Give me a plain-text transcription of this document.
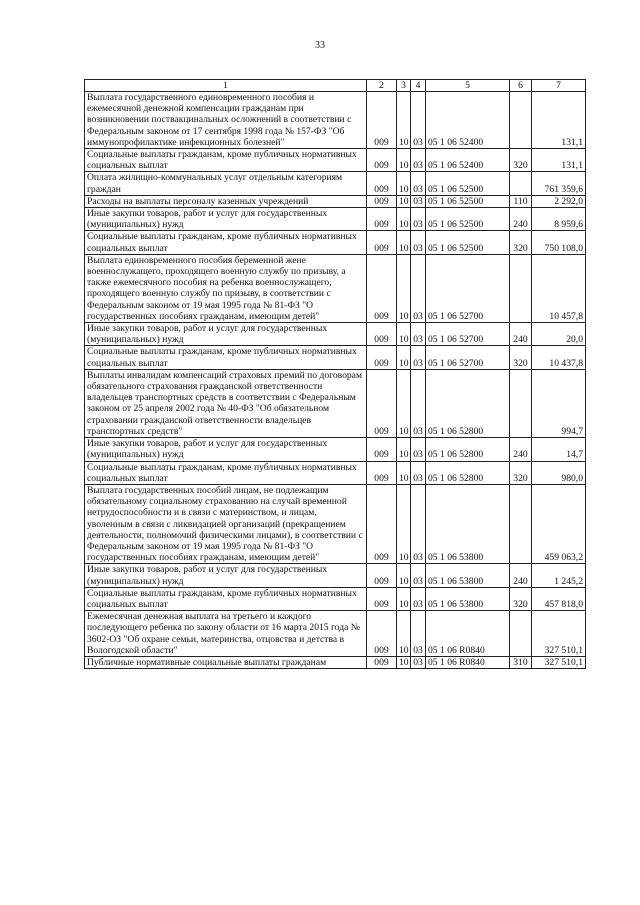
33
1	2	3	4	5	6	7
Выплата государственного единовременного пособия и ежемесячной денежной компенсации гражданам при возникновении поствакцинальных осложнений в соответствии с Федеральным законом от 17 сентября 1998 года № 157-ФЗ "Об иммунопрофилактике инфекционных болезней"	009	10	03	05 1 06 52400		131,1
Социальные выплаты гражданам, кроме публичных нормативных социальных выплат	009	10	03	05 1 06 52400	320	131,1
Оплата жилищно-коммунальных услуг отдельным категориям граждан	009	10	03	05 1 06 52500		761 359,6
Расходы на выплаты персоналу казенных учреждений	009	10	03	05 1 06 52500	110	2 292,0
Иные закупки товаров, работ и услуг для государственных (муниципальных) нужд	009	10	03	05 1 06 52500	240	8 959,6
Социальные выплаты гражданам, кроме публичных нормативных социальных выплат	009	10	03	05 1 06 52500	320	750 108,0
Выплата единовременного пособия беременной жене военнослужащего, проходящего военную службу по призыву, а также ежемесячного пособия на ребенка военнослужащего, проходящего военную службу по призыву, в соответствии с Федеральным законом от 19 мая 1995 года № 81-ФЗ "О государственных пособиях гражданам, имеющим детей"	009	10	03	05 1 06 52700		10 457,8
Иные закупки товаров, работ и услуг для государственных (муниципальных) нужд	009	10	03	05 1 06 52700	240	20,0
Социальные выплаты гражданам, кроме публичных нормативных социальных выплат	009	10	03	05 1 06 52700	320	10 437,8
Выплаты инвалидам компенсаций страховых премий по договорам обязательного страхования гражданской ответственности владельцев транспортных средств в соответствии с Федеральным законом от 25 апреля 2002 года № 40-ФЗ "Об обязательном страховании гражданской ответственности владельцев транспортных средств"	009	10	03	05 1 06 52800		994,7
Иные закупки товаров, работ и услуг для государственных (муниципальных) нужд	009	10	03	05 1 06 52800	240	14,7
Социальные выплаты гражданам, кроме публичных нормативных социальных выплат	009	10	03	05 1 06 52800	320	980,0
Выплата государственных пособий лицам, не подлежащим обязательному социальному страхованию на случай временной нетрудоспособности и в связи с материнством, и лицам, уволенным в связи с ликвидацией организаций (прекращением деятельности, полномочий физическими лицами), в соответствии с Федеральным законом от 19 мая 1995 года № 81-ФЗ "О государственных пособиях гражданам, имеющим детей"	009	10	03	05 1 06 53800		459 063,2
Иные закупки товаров, работ и услуг для государственных (муниципальных) нужд	009	10	03	05 1 06 53800	240	1 245,2
Социальные выплаты гражданам, кроме публичных нормативных социальных выплат	009	10	03	05 1 06 53800	320	457 818,0
Ежемесячная денежная выплата на третьего и каждого последующего ребенка по закону области от 16 марта 2015 года № 3602-ОЗ "Об охране семьи, материнства, отцовства и детства в Вологодской области"	009	10	03	05 1 06 R0840		327 510,1
Публичные нормативные социальные выплаты гражданам	009	10	03	05 1 06 R0840	310	327 510,1
